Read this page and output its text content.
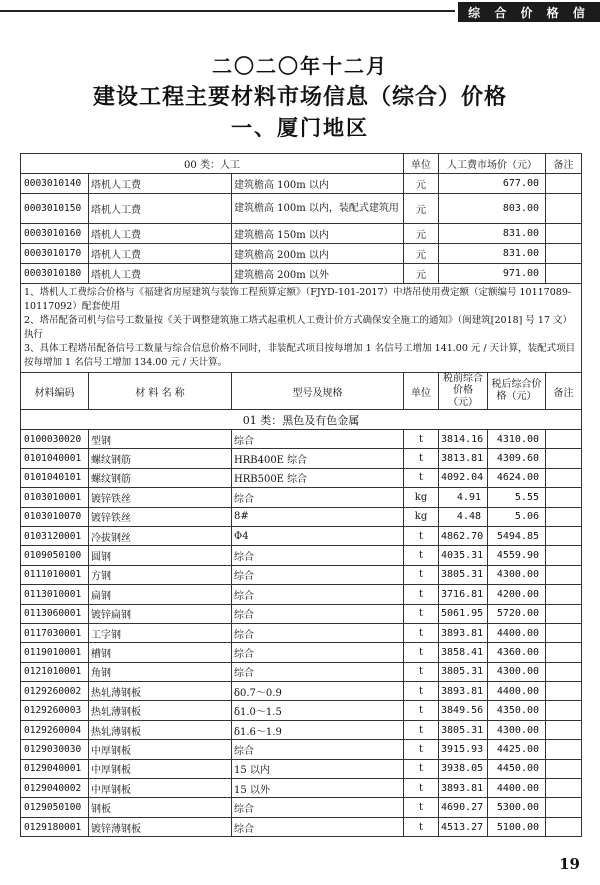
综 合 价 格 信
二〇二〇年十二月
建设工程主要材料市场信息（综合）价格
一、厦门地区
00 类：人工			单位	人工费市场价（元）		备注
0003010140	塔机人工费	建筑檐高 100m 以内	元	677.00		
0003010150	塔机人工费	建筑檐高 100m 以内，装配式建筑用	元	803.00		
0003010160	塔机人工费	建筑檐高 150m 以内	元	831.00		
0003010170	塔机人工费	建筑檐高 200m 以内	元	831.00		
0003010180	塔机人工费	建筑檐高 200m 以外	元	971.00		

1、塔机人工费综合价格与《福建省房屋建筑与装饰工程预算定额》（FJYD-101-2017）中塔吊使用费定额（定额编号 10117089-10117092）配套使用
2、塔吊配备司机与信号工数量按《关于调整建筑施工塔式起重机人工费计价方式确保安全施工的通知》（闽建筑[2018] 号 17 文）执行
3、具体工程塔吊配备信号工数量与综合信息价格不同时，非装配式项目按每增加 1 名信号工增加 141.00 元 / 天计算，装配式项目按每增加 1 名信号工增加 134.00 元 / 天计算。						

材料编码	材 料 名 称	型号及规格	单位	税前综合价格（元）	税后综合价格（元）	备注
01 类：黑色及有色金属						
0100030020	型钢	综合	t	3814.16	4310.00	
0101040001	螺纹钢筋	HRB400E 综合	t	3813.81	4309.60	
0101040101	螺纹钢筋	HRB500E 综合	t	4092.04	4624.00	
0103010001	镀锌铁丝	综合	kg	4.91	5.55	
0103010070	镀锌铁丝	8#	kg	4.48	5.06	
0103120001	冷拔钢丝	Φ4	t	4862.70	5494.85	
0109050100	圆钢	综合	t	4035.31	4559.90	
0111010001	方钢	综合	t	3805.31	4300.00	
0113010001	扁钢	综合	t	3716.81	4200.00	
0113060001	镀锌扁钢	综合	t	5061.95	5720.00	
0117030001	工字钢	综合	t	3893.81	4400.00	
0119010001	槽钢	综合	t	3858.41	4360.00	
0121010001	角钢	综合	t	3805.31	4300.00	
0129260002	热轧薄钢板	δ0.7～0.9	t	3893.81	4400.00	
0129260003	热轧薄钢板	δ1.0～1.5	t	3849.56	4350.00	
0129260004	热轧薄钢板	δ1.6～1.9	t	3805.31	4300.00	
0129030030	中厚钢板	综合	t	3915.93	4425.00	
0129040001	中厚钢板	15 以内	t	3938.05	4450.00	
0129040002	中厚钢板	15 以外	t	3893.81	4400.00	
0129050100	钢板	综合	t	4690.27	5300.00	
0129180001	镀锌薄钢板	综合	t	4513.27	5100.00	
19
